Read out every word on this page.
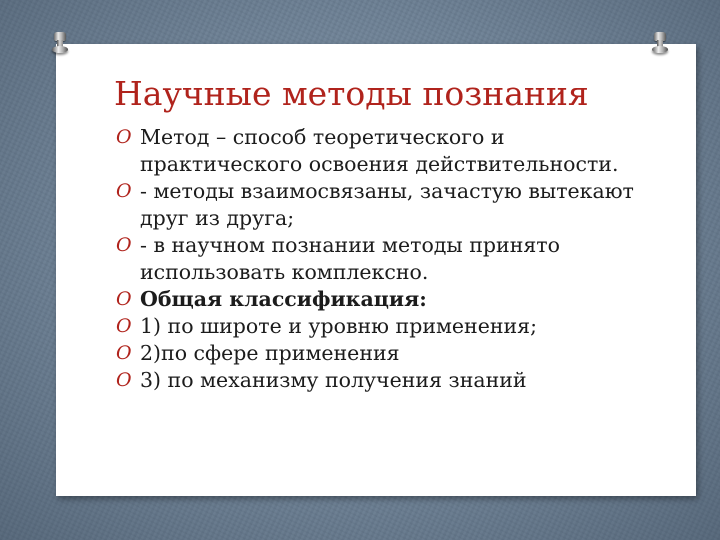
Научные методы познания
O Метод – способ теоретического и практического освоения действительности.
O - методы взаимосвязаны, зачастую вытекают друг из друга;
O - в научном познании методы принято использовать комплексно.
O Общая классификация:
O 1) по широте и уровню применения;
O 2)по сфере применения
O 3) по механизму получения знаний
